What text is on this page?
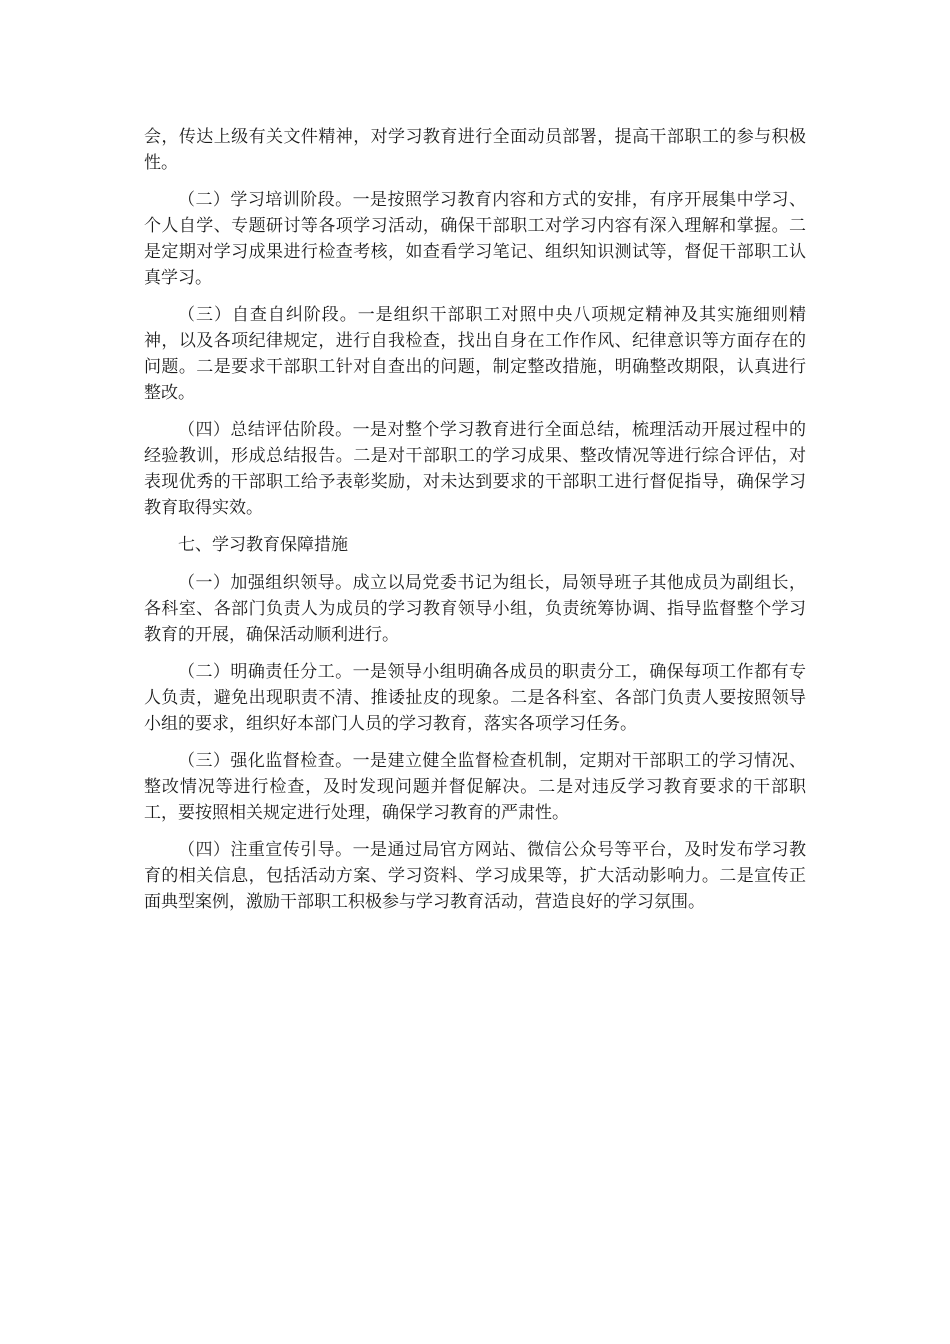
会，传达上级有关文件精神，对学习教育进行全面动员部署，提高干部职工的参与积极性。

（二）学习培训阶段。一是按照学习教育内容和方式的安排，有序开展集中学习、个人自学、专题研讨等各项学习活动，确保干部职工对学习内容有深入理解和掌握。二是定期对学习成果进行检查考核，如查看学习笔记、组织知识测试等，督促干部职工认真学习。

（三）自查自纠阶段。一是组织干部职工对照中央八项规定精神及其实施细则精神，以及各项纪律规定，进行自我检查，找出自身在工作作风、纪律意识等方面存在的问题。二是要求干部职工针对自查出的问题，制定整改措施，明确整改期限，认真进行整改。

（四）总结评估阶段。一是对整个学习教育进行全面总结，梳理活动开展过程中的经验教训，形成总结报告。二是对干部职工的学习成果、整改情况等进行综合评估，对表现优秀的干部职工给予表彰奖励，对未达到要求的干部职工进行督促指导，确保学习教育取得实效。

七、学习教育保障措施

（一）加强组织领导。成立以局党委书记为组长，局领导班子其他成员为副组长，各科室、各部门负责人为成员的学习教育领导小组，负责统筹协调、指导监督整个学习教育的开展，确保活动顺利进行。

（二）明确责任分工。一是领导小组明确各成员的职责分工，确保每项工作都有专人负责，避免出现职责不清、推诿扯皮的现象。二是各科室、各部门负责人要按照领导小组的要求，组织好本部门人员的学习教育，落实各项学习任务。

（三）强化监督检查。一是建立健全监督检查机制，定期对干部职工的学习情况、整改情况等进行检查，及时发现问题并督促解决。二是对违反学习教育要求的干部职工，要按照相关规定进行处理，确保学习教育的严肃性。

（四）注重宣传引导。一是通过局官方网站、微信公众号等平台，及时发布学习教育的相关信息，包括活动方案、学习资料、学习成果等，扩大活动影响力。二是宣传正面典型案例，激励干部职工积极参与学习教育活动，营造良好的学习氛围。
